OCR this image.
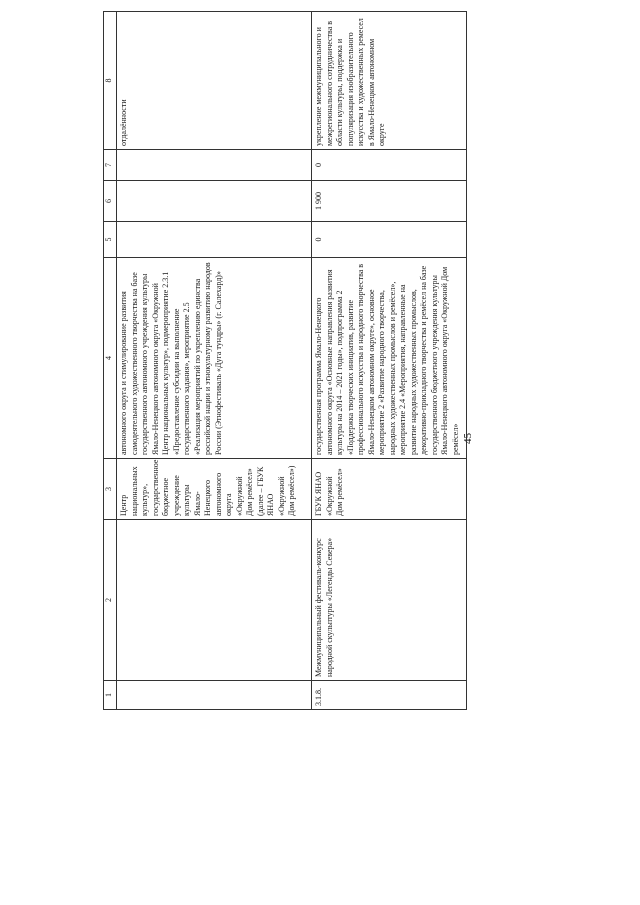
45
1	2	3	4	5	6	7	8
		Центр национальных культур», государственное бюджетное учреждение культуры Ямало-Ненецкого автономного округа «Окружной Дом ремёсел» (далее – ГБУК ЯНАО «Окружной Дом ремёсел»)	автономного округа и стимулирование развития самодеятельного художественного творчества на базе государственного автономного учреждения культуры Ямало-Ненецкого автономного округа «Окружной Центр национальных культур», подмероприятие 2.3.1 «Предоставление субсидии на выполнение государственного задания», мероприятие 2.5 «Реализация мероприятий по укреплению единства российской нации и этнокультурному развитию народов России (Этнофестиваль «Дуга тундры» (г. Салехард)»				отдалённости
3.1.8.	Межмуниципальный фестиваль-конкурс народной скульптуры «Легенды Севера»	ГБУК ЯНАО «Окружной Дом ремёсел»	государственная программа Ямало-Ненецкого автономного округа «Основные направления развития культуры на 2014 – 2021 годы», подпрограмма 2 «Поддержка творческих инициатив, развитие профессионального искусства и народного творчества в Ямало-Ненецком автономном округе», основное мероприятие 2 «Развитие народного творчества, народных художественных промыслов и ремёсел», мероприятие 2.4 «Мероприятия, направленные на развитие народных художественных промыслов, декоративно-прикладного творчества и ремёсел на базе государственного бюджетного учреждения культуры Ямало-Ненецкого автономного округа «Окружной Дом ремёсел»	0	1 900	0	укрепление межмуниципального и межрегионального сотрудничества в области культуры, поддержка и популяризация изобразительного искусства и художественных ремесел в Ямало-Ненецком автономном округе
